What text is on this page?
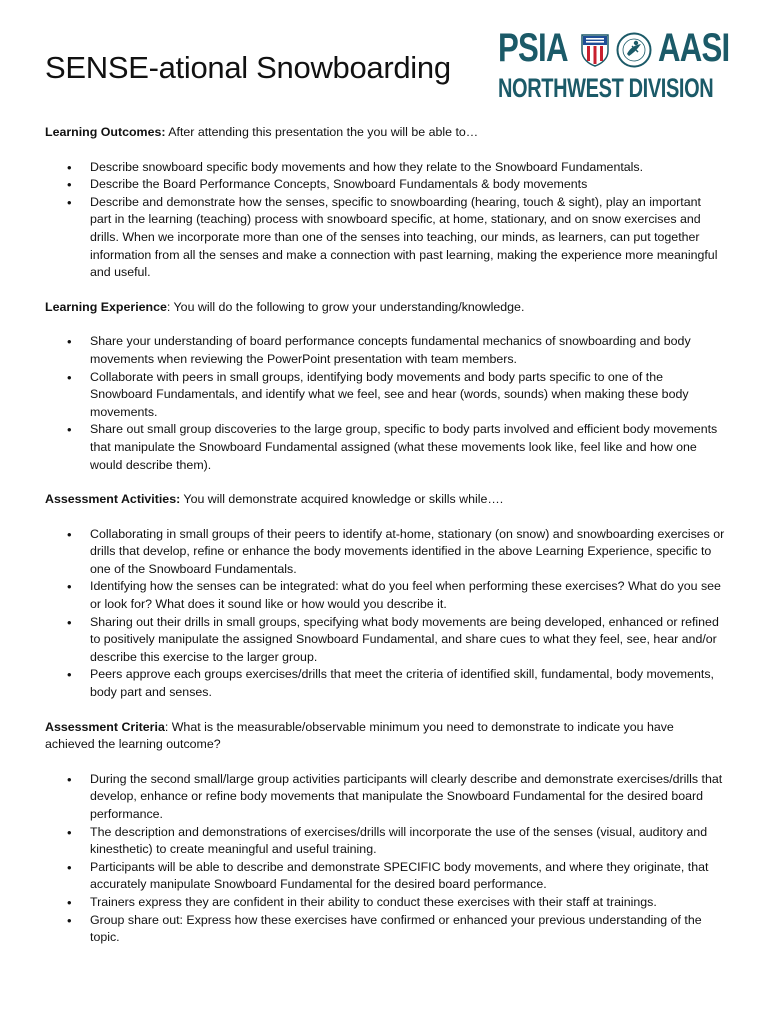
SENSE-ational Snowboarding PSIA AASI
NORTHWEST DIVISION

Learning Outcomes: After attending this presentation the you will be able to…

• Describe snowboard specific body movements and how they relate to the Snowboard Fundamentals.
• Describe the Board Performance Concepts, Snowboard Fundamentals & body movements
• Describe and demonstrate how the senses, specific to snowboarding (hearing, touch & sight), play an important part in the learning (teaching) process with snowboard specific, at home, stationary, and on snow exercises and drills. When we incorporate more than one of the senses into teaching, our minds, as learners, can put together information from all the senses and make a connection with past learning, making the experience more meaningful and useful.

Learning Experience: You will do the following to grow your understanding/knowledge.

• Share your understanding of board performance concepts fundamental mechanics of snowboarding and body movements when reviewing the PowerPoint presentation with team members.
• Collaborate with peers in small groups, identifying body movements and body parts specific to one of the Snowboard Fundamentals, and identify what we feel, see and hear (words, sounds) when making these body movements.
• Share out small group discoveries to the large group, specific to body parts involved and efficient body movements that manipulate the Snowboard Fundamental assigned (what these movements look like, feel like and how one would describe them).

Assessment Activities: You will demonstrate acquired knowledge or skills while….

• Collaborating in small groups of their peers to identify at-home, stationary (on snow) and snowboarding exercises or drills that develop, refine or enhance the body movements identified in the above Learning Experience, specific to one of the Snowboard Fundamentals.
• Identifying how the senses can be integrated: what do you feel when performing these exercises? What do you see or look for? What does it sound like or how would you describe it.
• Sharing out their drills in small groups, specifying what body movements are being developed, enhanced or refined to positively manipulate the assigned Snowboard Fundamental, and share cues to what they feel, see, hear and/or describe this exercise to the larger group.
• Peers approve each groups exercises/drills that meet the criteria of identified skill, fundamental, body movements, body part and senses.

Assessment Criteria: What is the measurable/observable minimum you need to demonstrate to indicate you have achieved the learning outcome?

• During the second small/large group activities participants will clearly describe and demonstrate exercises/drills that develop, enhance or refine body movements that manipulate the Snowboard Fundamental for the desired board performance.
• The description and demonstrations of exercises/drills will incorporate the use of the senses (visual, auditory and kinesthetic) to create meaningful and useful training.
• Participants will be able to describe and demonstrate SPECIFIC body movements, and where they originate, that accurately manipulate Snowboard Fundamental for the desired board performance.
• Trainers express they are confident in their ability to conduct these exercises with their staff at trainings.
• Group share out: Express how these exercises have confirmed or enhanced your previous understanding of the topic.
